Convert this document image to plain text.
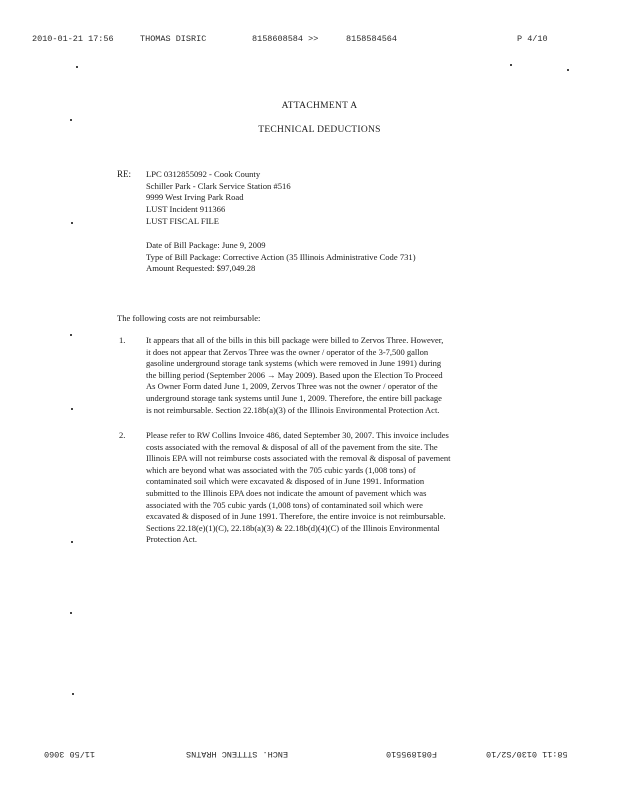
2010-01-21 17:56	THOMAS DISRIC	8158608584 >>	8158584564	P 4/10
ATTACHMENT A
TECHNICAL DEDUCTIONS
RE: LPC 0312855092 - Cook County
Schiller Park - Clark Service Station #516
9999 West Irving Park Road
LUST Incident 911366
LUST FISCAL FILE
Date of Bill Package: June 9, 2009
Type of Bill Package: Corrective Action (35 Illinois Administrative Code 731)
Amount Requested: $97,049.28
The following costs are not reimbursable:
1. It appears that all of the bills in this bill package were billed to Zervos Three. However,
it does not appear that Zervos Three was the owner / operator of the 3-7,500 gallon
gasoline underground storage tank systems (which were removed in June 1991) during
the billing period (September 2006 → May 2009). Based upon the Election To Proceed
As Owner Form dated June 1, 2009, Zervos Three was not the owner / operator of the
underground storage tank systems until June 1, 2009. Therefore, the entire bill package
is not reimbursable. Section 22.18b(a)(3) of the Illinois Environmental Protection Act.
2. Please refer to RW Collins Invoice 486, dated September 30, 2007. This invoice includes
costs associated with the removal & disposal of all of the pavement from the site. The
Illinois EPA will not reimburse costs associated with the removal & disposal of pavement
which are beyond what was associated with the 705 cubic yards (1,008 tons) of
contaminated soil which were excavated & disposed of in June 1991. Information
submitted to the Illinois EPA does not indicate the amount of pavement which was
associated with the 705 cubic yards (1,008 tons) of contaminated soil which were
excavated & disposed of in June 1991. Therefore, the entire invoice is not reimbursable.
Sections 22.18(e)(1)(C), 22.18b(a)(3) & 22.18b(d)(4)(C) of the Illinois Environmental
Protection Act.
11/50 3060	ENCH. STTTENC HRATNS	F081895510	58:11 0130/S2/10
